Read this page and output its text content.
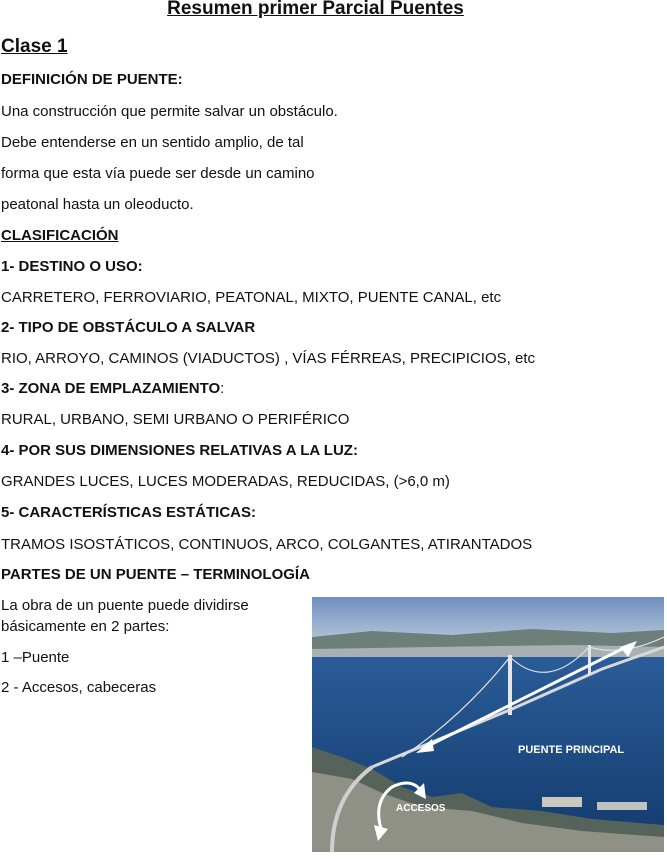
Resumen primer Parcial Puentes
Clase 1
DEFINICIÓN DE PUENTE:
Una construcción que permite salvar un obstáculo.
Debe entenderse en un sentido amplio, de tal
forma que esta vía puede ser desde un camino
peatonal hasta un oleoducto.
CLASIFICACIÓN
1- DESTINO O USO:
CARRETERO, FERROVIARIO, PEATONAL, MIXTO, PUENTE CANAL, etc
2- TIPO DE OBSTÁCULO A SALVAR
RIO, ARROYO, CAMINOS (VIADUCTOS) , VÍAS FÉRREAS, PRECIPICIOS, etc
3- ZONA DE EMPLAZAMIENTO:
RURAL, URBANO, SEMI URBANO O PERIFÉRICO
4- POR SUS DIMENSIONES RELATIVAS A LA LUZ:
GRANDES LUCES, LUCES MODERADAS, REDUCIDAS, (>6,0 m)
5- CARACTERÍSTICAS ESTÁTICAS:
TRAMOS ISOSTÁTICOS, CONTINUOS, ARCO, COLGANTES, ATIRANTADOS
PARTES DE UN PUENTE – TERMINOLOGÍA
La obra de un puente puede dividirse
básicamente en 2 partes:
1 –Puente
2 - Accesos, cabeceras
PUENTE PRINCIPAL
ACCESOS
